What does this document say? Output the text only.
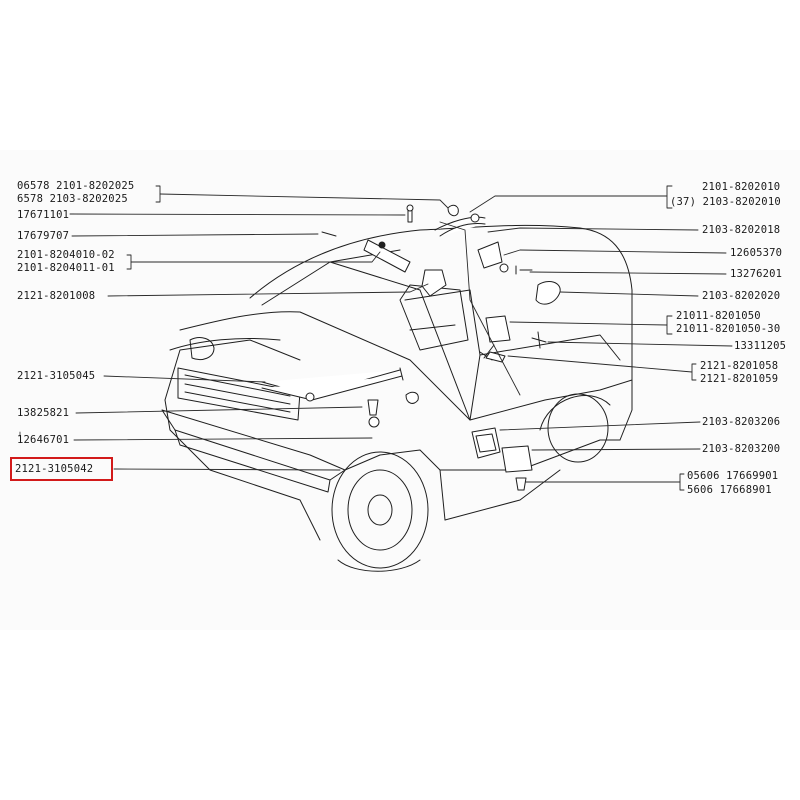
06578 2101-8202025
6578 2103-8202025
17671101
17679707
2101-8204010-02
2101-8204011-01
2121-8201008
2121-3105045
13825821
12646701
2121-3105042
2101-8202010
(37) 2103-8202010
2103-8202018
12605370
13276201
2103-8202020
21011-8201050
21011-8201050-30
13311205
2121-8201058
2121-8201059
2103-8203206
2103-8203200
05606 17669901
5606 17668901
